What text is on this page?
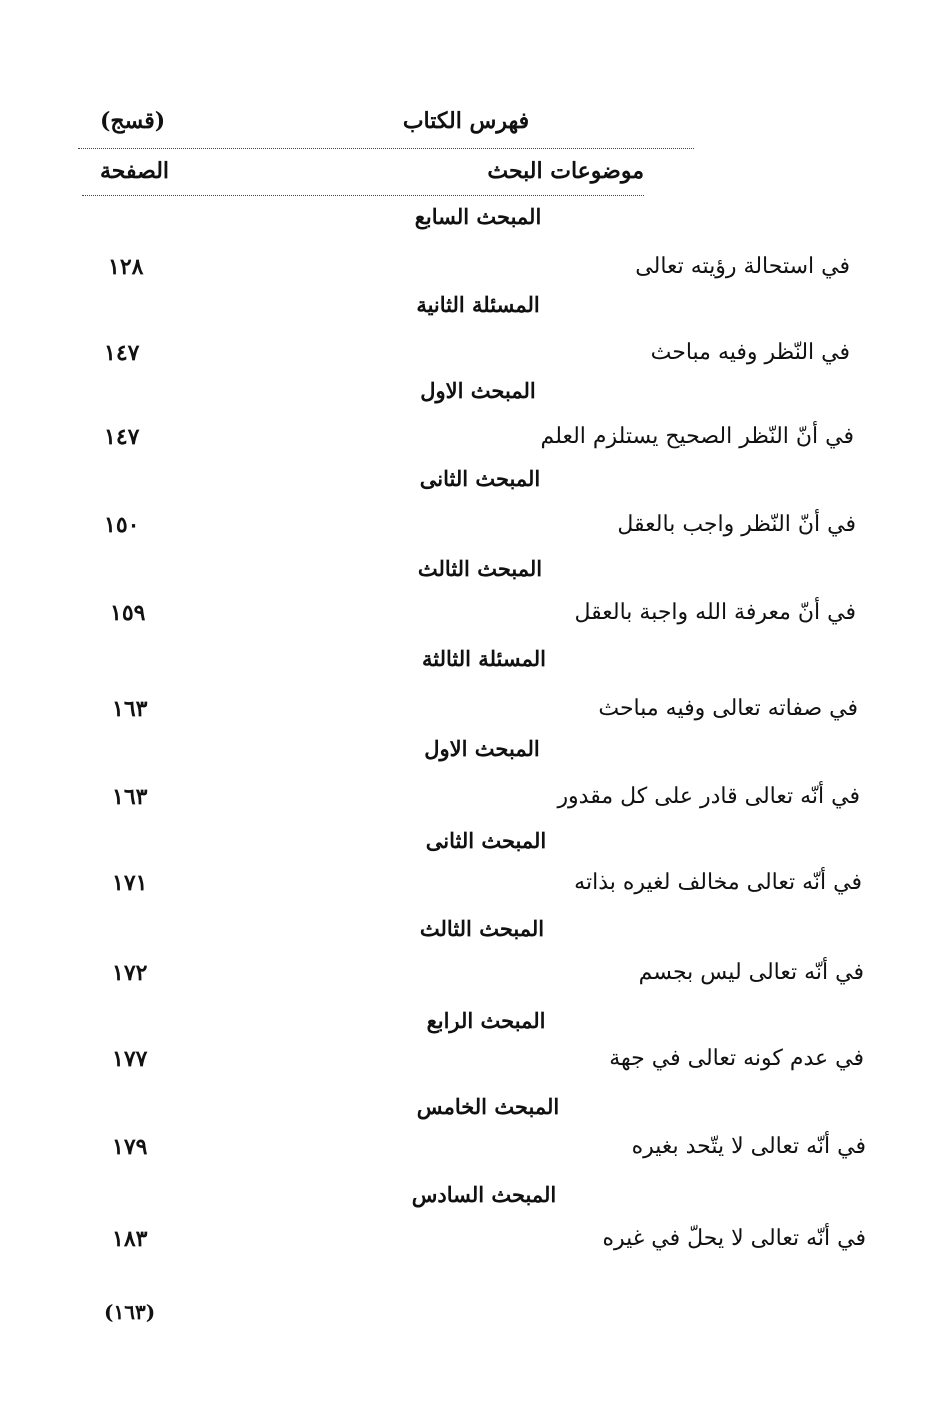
فهرس الكتاب
(قسج)
موضوعات البحث
الصفحة
المبحث السابع
في استحالة رؤيته تعالى
١٢٨
المسئلة الثانية
في النّظر وفيه مباحث
١٤٧
المبحث الاول
في أنّ النّظر الصحيح يستلزم العلم
١٤٧
المبحث الثانى
في أنّ النّظر واجب بالعقل
١٥٠
المبحث الثالث
في أنّ معرفة الله واجبة بالعقل
١٥٩
المسئلة الثالثة
في صفاته تعالى وفيه مباحث
١٦٣
المبحث الاول
في أنّه تعالى قادر على كل مقدور
١٦٣
المبحث الثانى
في أنّه تعالى مخالف لغيره بذاته
١٧١
المبحث الثالث
في أنّه تعالى ليس بجسم
١٧٢
المبحث الرابع
في عدم كونه تعالى في جهة
١٧٧
المبحث الخامس
في أنّه تعالى لا يتّحد بغيره
١٧٩
المبحث السادس
في أنّه تعالى لا يحلّ في غيره
١٨٣
(١٦٣)
